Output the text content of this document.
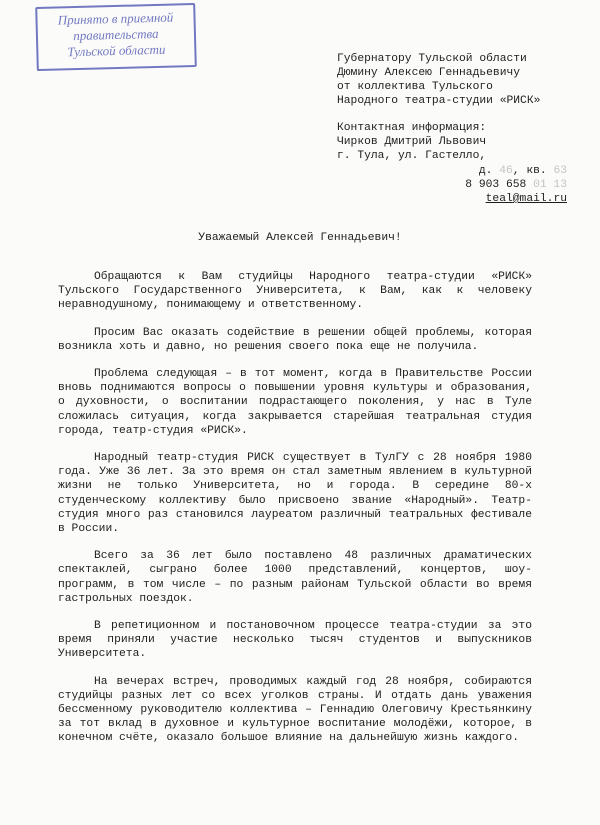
Принято в приемной
правительства
Тульской области	Губернатору Тульской области
Дюмину Алексею Геннадьевичу
от коллектива Тульского
Народного театра-студии «РИСК»
Контактная информация:
Чирков Дмитрий Львович
г. Тула, ул. Гастелло,
д. 46, кв. 63
8 903 658 01 13
teal@mail.ru
Уважаемый Алексей Геннадьевич!

Обращаются к Вам студийцы Народного театра-студии «РИСК» Тульского Государственного Университета, к Вам, как к человеку неравнодушному, понимающему и ответственному.

Просим Вас оказать содействие в решении общей проблемы, которая возникла хоть и давно, но решения своего пока еще не получила.

Проблема следующая – в тот момент, когда в Правительстве России вновь поднимаются вопросы о повышении уровня культуры и образования, о духовности, о воспитании подрастающего поколения, у нас в Туле сложилась ситуация, когда закрывается старейшая театральная студия города, театр-студия «РИСК».

Народный театр-студия РИСК существует в ТулГУ с 28 ноября 1980 года. Уже 36 лет. За это время он стал заметным явлением в культурной жизни не только Университета, но и города. В середине 80-х студенческому коллективу было присвоено звание «Народный». Театр-студия много раз становился лауреатом различный театральных фестивале в России.

Всего за 36 лет было поставлено 48 различных драматических спектаклей, сыграно более 1000 представлений, концертов, шоу-программ, в том числе – по разным районам Тульской области во время гастрольных поездок.

В репетиционном и постановочном процессе театра-студии за это время приняли участие несколько тысяч студентов и выпускников Университета.

На вечерах встреч, проводимых каждый год 28 ноября, собираются студийцы разных лет со всех уголков страны. И отдать дань уважения бессменному руководителю коллектива – Геннадию Олеговичу Крестьянкину за тот вклад в духовное и культурное воспитание молодёжи, которое, в конечном счёте, оказало большое влияние на дальнейшую жизнь каждого.
